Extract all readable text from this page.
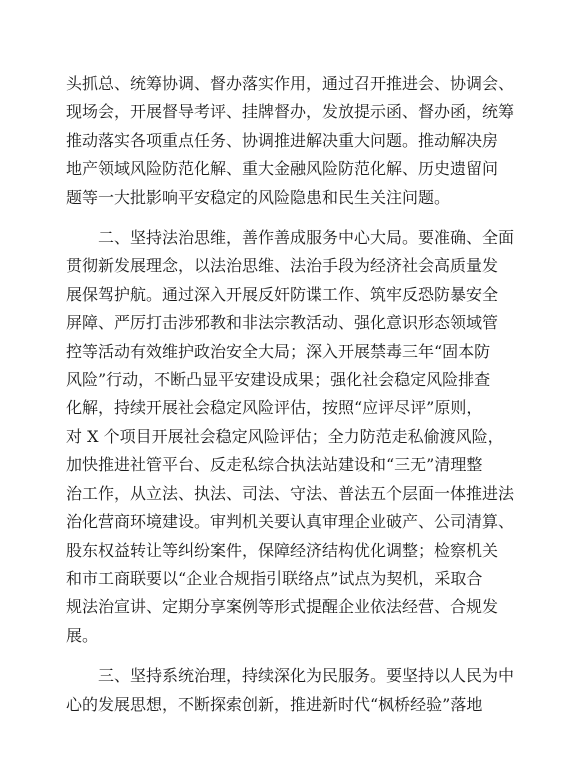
头抓总、统筹协调、督办落实作用，通过召开推进会、协调会、
现场会，开展督导考评、挂牌督办，发放提示函、督办函，统筹
推动落实各项重点任务、协调推进解决重大问题。推动解决房
地产领域风险防范化解、重大金融风险防范化解、历史遗留问
题等一大批影响平安稳定的风险隐患和民生关注问题。
二、坚持法治思维，善作善成服务中心大局。要准确、全面
贯彻新发展理念，以法治思维、法治手段为经济社会高质量发
展保驾护航。通过深入开展反奸防谍工作、筑牢反恐防暴安全
屏障、严厉打击涉邪教和非法宗教活动、强化意识形态领域管
控等活动有效维护政治安全大局；深入开展禁毒三年“固本防
风险”行动，不断凸显平安建设成果；强化社会稳定风险排查
化解，持续开展社会稳定风险评估，按照“应评尽评”原则，
对 X 个项目开展社会稳定风险评估；全力防范走私偷渡风险，
加快推进社管平台、反走私综合执法站建设和“三无”清理整
治工作，从立法、执法、司法、守法、普法五个层面一体推进法
治化营商环境建设。审判机关要认真审理企业破产、公司清算、
股东权益转让等纠纷案件，保障经济结构优化调整；检察机关
和市工商联要以“企业合规指引联络点”试点为契机，采取合
规法治宣讲、定期分享案例等形式提醒企业依法经营、合规发
展。
三、坚持系统治理，持续深化为民服务。要坚持以人民为中
心的发展思想，不断探索创新，推进新时代“枫桥经验”落地
